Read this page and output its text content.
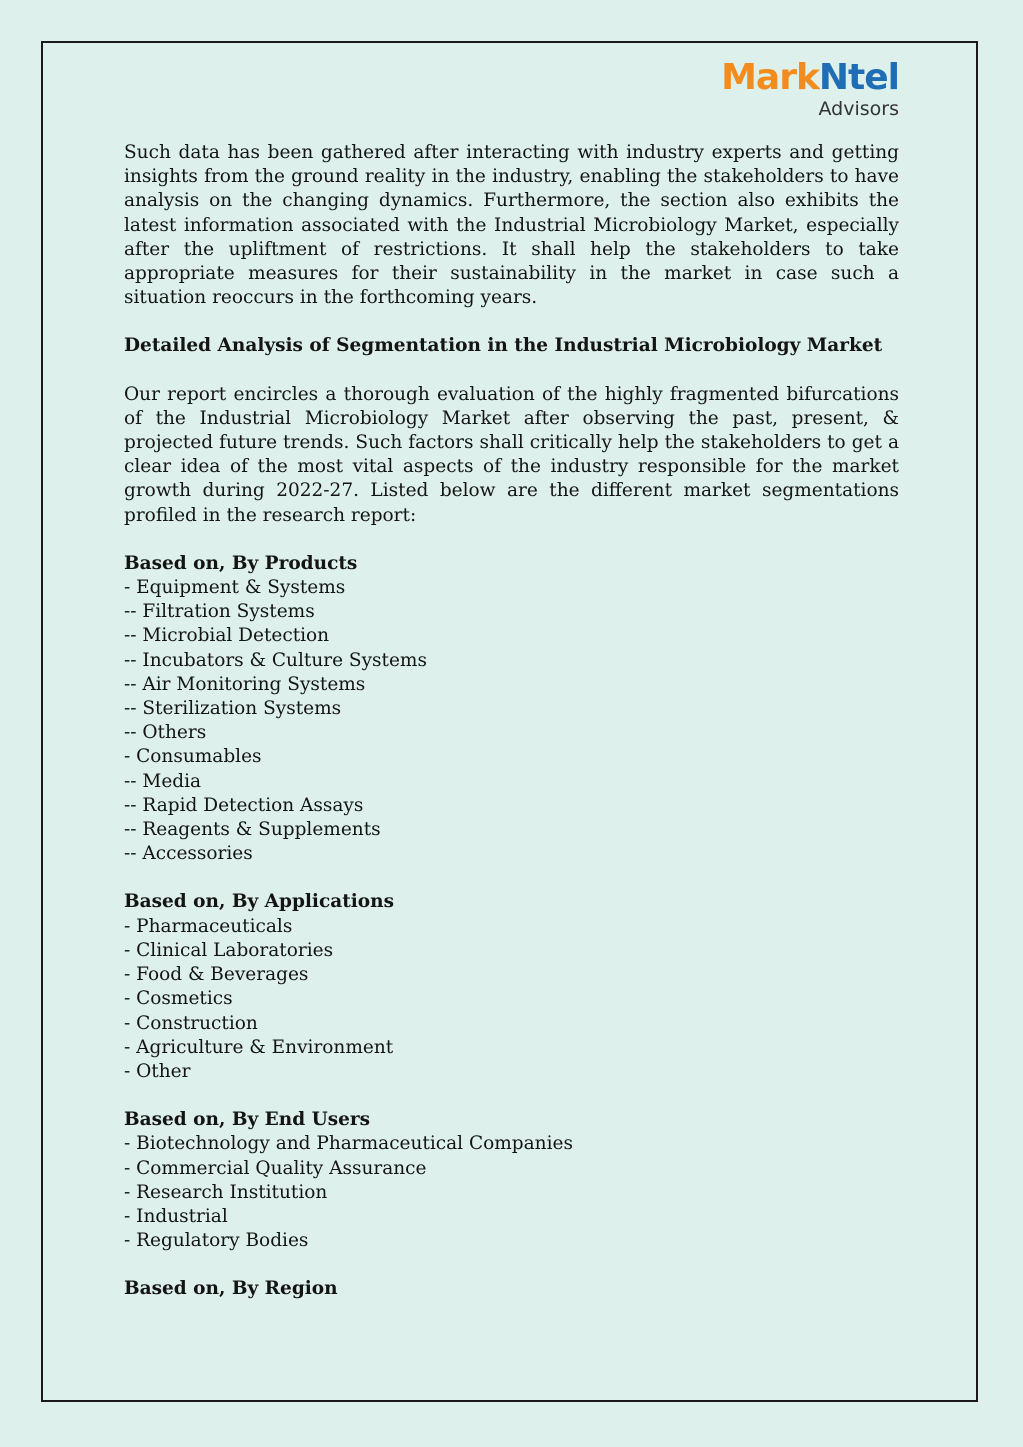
MarkNtel
Advisors

Such data has been gathered after interacting with industry experts and getting insights from the ground reality in the industry, enabling the stakeholders to have analysis on the changing dynamics. Furthermore, the section also exhibits the latest information associated with the Industrial Microbiology Market, especially after the upliftment of restrictions. It shall help the stakeholders to take appropriate measures for their sustainability in the market in case such a situation reoccurs in the forthcoming years.

Detailed Analysis of Segmentation in the Industrial Microbiology Market

Our report encircles a thorough evaluation of the highly fragmented bifurcations of the Industrial Microbiology Market after observing the past, present, & projected future trends. Such factors shall critically help the stakeholders to get a clear idea of the most vital aspects of the industry responsible for the market growth during 2022-27. Listed below are the different market segmentations profiled in the research report:

Based on, By Products

- Equipment & Systems
-- Filtration Systems
-- Microbial Detection
-- Incubators & Culture Systems
-- Air Monitoring Systems
-- Sterilization Systems
-- Others
- Consumables
-- Media
-- Rapid Detection Assays
-- Reagents & Supplements
-- Accessories

Based on, By Applications

- Pharmaceuticals
- Clinical Laboratories
- Food & Beverages
- Cosmetics
- Construction
- Agriculture & Environment
- Other

Based on, By End Users

- Biotechnology and Pharmaceutical Companies
- Commercial Quality Assurance
- Research Institution
- Industrial
- Regulatory Bodies

Based on, By Region
